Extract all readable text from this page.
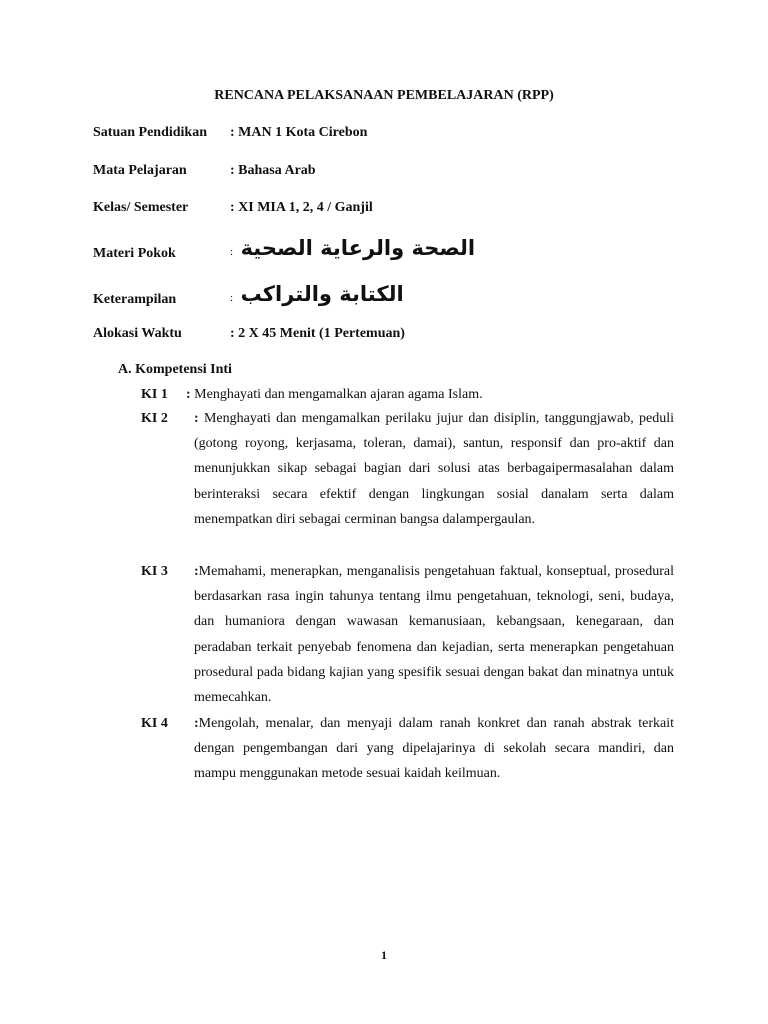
RENCANA PELAKSANAAN PEMBELAJARAN (RPP)
Satuan Pendidikan : MAN 1 Kota Cirebon
Mata Pelajaran	: Bahasa Arab
Kelas/ Semester	: XI MIA 1, 2, 4 / Ganjil
Materi Pokok	: الصحة والرعاية الصحية
Keterampilan	: الكتابة والتراكب
Alokasi Waktu	: 2 X 45 Menit (1 Pertemuan)
A. Kompetensi Inti
KI 1 : Menghayati dan mengamalkan ajaran agama Islam.
KI 2 : Menghayati dan mengamalkan perilaku jujur dan disiplin, tanggungjawab, peduli (gotong royong, kerjasama, toleran, damai), santun, responsif dan pro-aktif dan menunjukkan sikap sebagai bagian dari solusi atas berbagaipermasalahan dalam berinteraksi secara efektif dengan lingkungan sosial danalam serta dalam menempatkan diri sebagai cerminan bangsa dalampergaulan.
KI 3 :Memahami, menerapkan, menganalisis pengetahuan faktual, konseptual, prosedural berdasarkan rasa ingin tahunya tentang ilmu pengetahuan, teknologi, seni, budaya, dan humaniora dengan wawasan kemanusiaan, kebangsaan, kenegaraan, dan peradaban terkait penyebab fenomena dan kejadian, serta menerapkan pengetahuan prosedural pada bidang kajian yang spesifik sesuai dengan bakat dan minatnya untuk memecahkan.
KI 4 :Mengolah, menalar, dan menyaji dalam ranah konkret dan ranah abstrak terkait dengan pengembangan dari yang dipelajarinya di sekolah secara mandiri, dan mampu menggunakan metode sesuai kaidah keilmuan.
1
